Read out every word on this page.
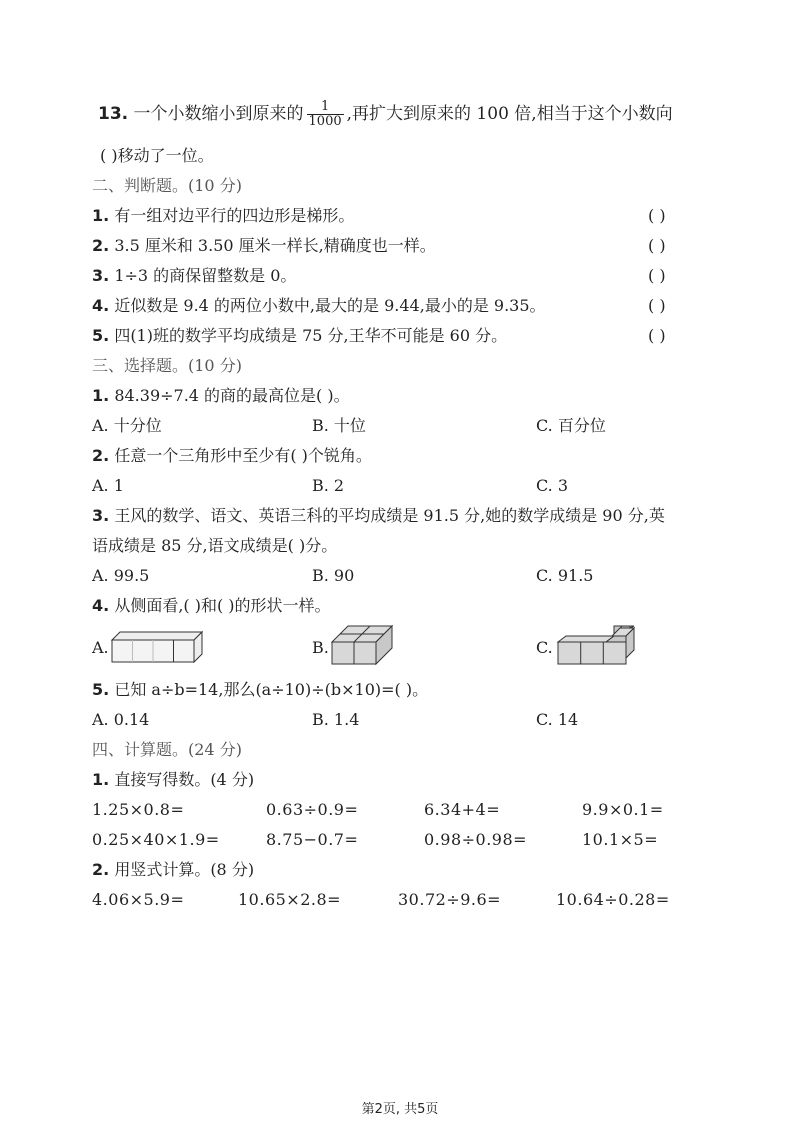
13. 一个小数缩小到原来的 $\frac{1}{1000}$ ,再扩大到原来的 100 倍,相当于这个小数向
( )移动了一位。
二、判断题。(10 分)
1. 有一组对边平行的四边形是梯形。	( )
2. 3.5 厘米和 3.50 厘米一样长,精确度也一样。	( )
3. 1÷3 的商保留整数是 0。	( )
4. 近似数是 9.4 的两位小数中,最大的是 9.44,最小的是 9.35。	( )
5. 四(1)班的数学平均成绩是 75 分,王华不可能是 60 分。	( )
三、选择题。(10 分)
1. 84.39÷7.4 的商的最高位是( )。
A. 十分位	B. 十位	C. 百分位
2. 任意一个三角形中至少有( )个锐角。
A. 1	B. 2	C. 3
3. 王风的数学、语文、英语三科的平均成绩是 91.5 分,她的数学成绩是 90 分,英
语成绩是 85 分,语文成绩是( )分。
A. 99.5	B. 90	C. 91.5
4. 从侧面看,( )和( )的形状一样。
A.	B.	C.
5. 已知 a÷b=14,那么(a÷10)÷(b×10)=( )。
A. 0.14	B. 1.4	C. 14
四、计算题。(24 分)
1. 直接写得数。(4 分)
1.25×0.8=	0.63÷0.9=	6.34+4=	9.9×0.1=
0.25×40×1.9=	8.75−0.7=	0.98÷0.98=	10.1×5=
2. 用竖式计算。(8 分)
4.06×5.9=	10.65×2.8=	30.72÷9.6=	10.64÷0.28=
第2页, 共5页
